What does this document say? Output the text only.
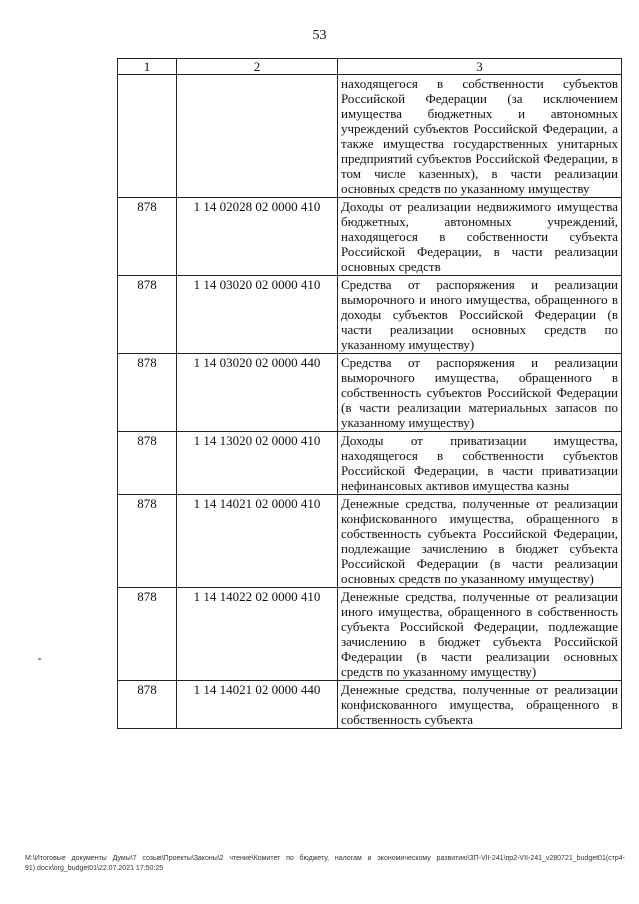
53
1	2	3
		находящегося в собственности субъектов Российской Федерации (за исключением имущества бюджетных и автономных учреждений субъектов Российской Федерации, а также имущества государственных унитарных предприятий субъектов Российской Федерации, в том числе казенных), в части реализации основных средств по указанному имуществу
878	1 14 02028 02 0000 410	Доходы от реализации недвижимого имущества бюджетных, автономных учреждений, находящегося в собственности субъекта Российской Федерации, в части реализации основных средств
878	1 14 03020 02 0000 410	Средства от распоряжения и реализации выморочного и иного имущества, обращенного в доходы субъектов Российской Федерации (в части реализации основных средств по указанному имуществу)
878	1 14 03020 02 0000 440	Средства от распоряжения и реализации выморочного имущества, обращенного в собственность субъектов Российской Федерации (в части реализации материальных запасов по указанному имуществу)
878	1 14 13020 02 0000 410	Доходы от приватизации имущества, находящегося в собственности субъектов Российской Федерации, в части приватизации нефинансовых активов имущества казны
878	1 14 14021 02 0000 410	Денежные средства, полученные от реализации конфискованного имущества, обращенного в собственность субъекта Российской Федерации, подлежащие зачислению в бюджет субъекта Российской Федерации (в части реализации основных средств по указанному имуществу)
878	1 14 14022 02 0000 410	Денежные средства, полученные от реализации иного имущества, обращенного в собственность субъекта Российской Федерации, подлежащие зачислению в бюджет субъекта Российской Федерации (в части реализации основных средств по указанному имуществу)
878	1 14 14021 02 0000 440	Денежные средства, полученные от реализации конфискованного имущества, обращенного в собственность субъекта
M:\Итоговые документы Думы\7 созыв\Проекты\Законы\2 чтение\Комитет по бюджету, налогам и экономическому развитию\ЗП-VII-241\пр2-VII-241_v280721_budget01(стр4-91).docx\org_budget01\22.07.2021 17:50:25
